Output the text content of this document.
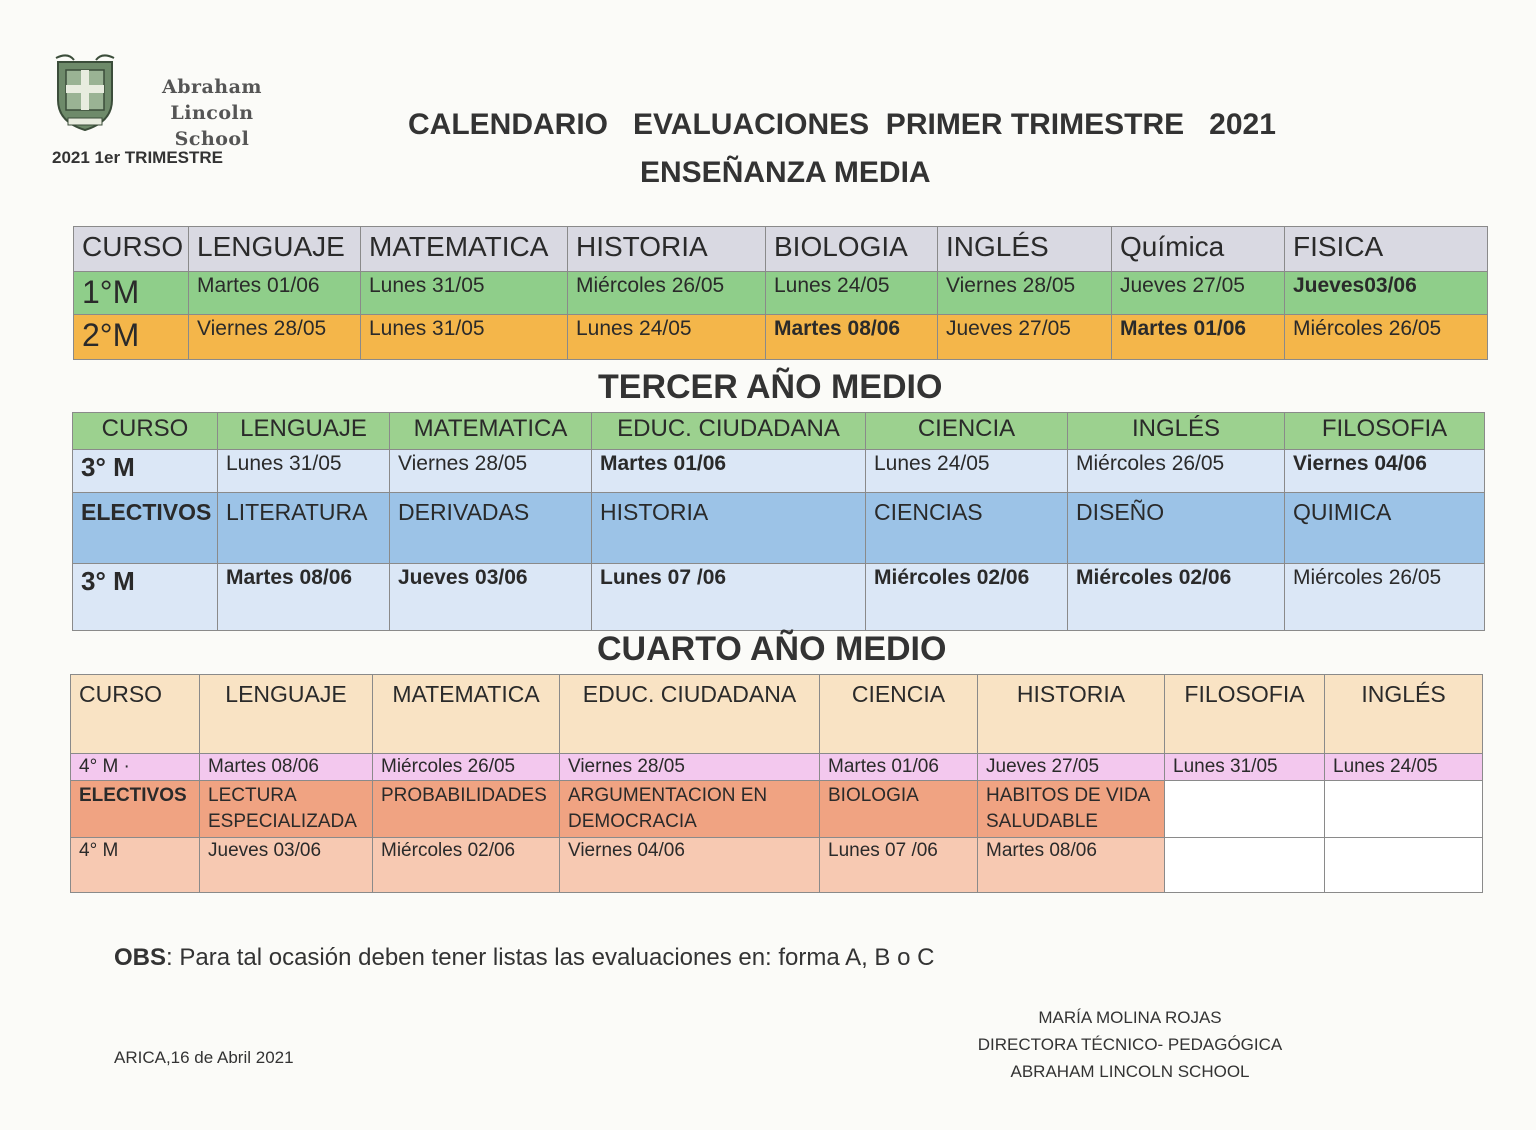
Abraham Lincoln
School
2021 1er TRIMESTRE
CALENDARIO   EVALUACIONES  PRIMER TRIMESTRE   2021
ENSEÑANZA MEDIA
CURSO	LENGUAJE	MATEMATICA	HISTORIA	BIOLOGIA	INGLÉS	Química	FISICA
1°M	Martes 01/06	Lunes 31/05	Miércoles 26/05	Lunes 24/05	Viernes 28/05	Jueves 27/05	Jueves03/06
2°M	Viernes 28/05	Lunes 31/05	Lunes 24/05	Martes 08/06	Jueves 27/05	Martes 01/06	Miércoles 26/05
TERCER AÑO MEDIO
CURSO	LENGUAJE	MATEMATICA	EDUC. CIUDADANA	CIENCIA	INGLÉS	FILOSOFIA
3° M	Lunes 31/05	Viernes 28/05	Martes 01/06	Lunes 24/05	Miércoles 26/05	Viernes 04/06
ELECTIVOS	LITERATURA	DERIVADAS	HISTORIA	CIENCIAS	DISEÑO	QUIMICA
3° M	Martes 08/06	Jueves 03/06	Lunes 07 /06	Miércoles 02/06	Miércoles 02/06	Miércoles 26/05
CUARTO AÑO MEDIO
CURSO	LENGUAJE	MATEMATICA	EDUC. CIUDADANA	CIENCIA	HISTORIA	FILOSOFIA	INGLÉS
4° M ·	Martes 08/06	Miércoles 26/05	Viernes 28/05	Martes 01/06	Jueves 27/05	Lunes 31/05	Lunes 24/05
ELECTIVOS	LECTURA ESPECIALIZADA	PROBABILIDADES	ARGUMENTACION EN DEMOCRACIA	BIOLOGIA	HABITOS DE VIDA SALUDABLE		
4° M	Jueves 03/06	Miércoles 02/06	Viernes 04/06	Lunes 07 /06	Martes 08/06		
OBS: Para tal ocasión deben tener listas las evaluaciones en: forma A, B o C
ARICA,16 de Abril 2021
MARÍA MOLINA ROJAS
DIRECTORA TÉCNICO- PEDAGÓGICA
ABRAHAM LINCOLN SCHOOL
